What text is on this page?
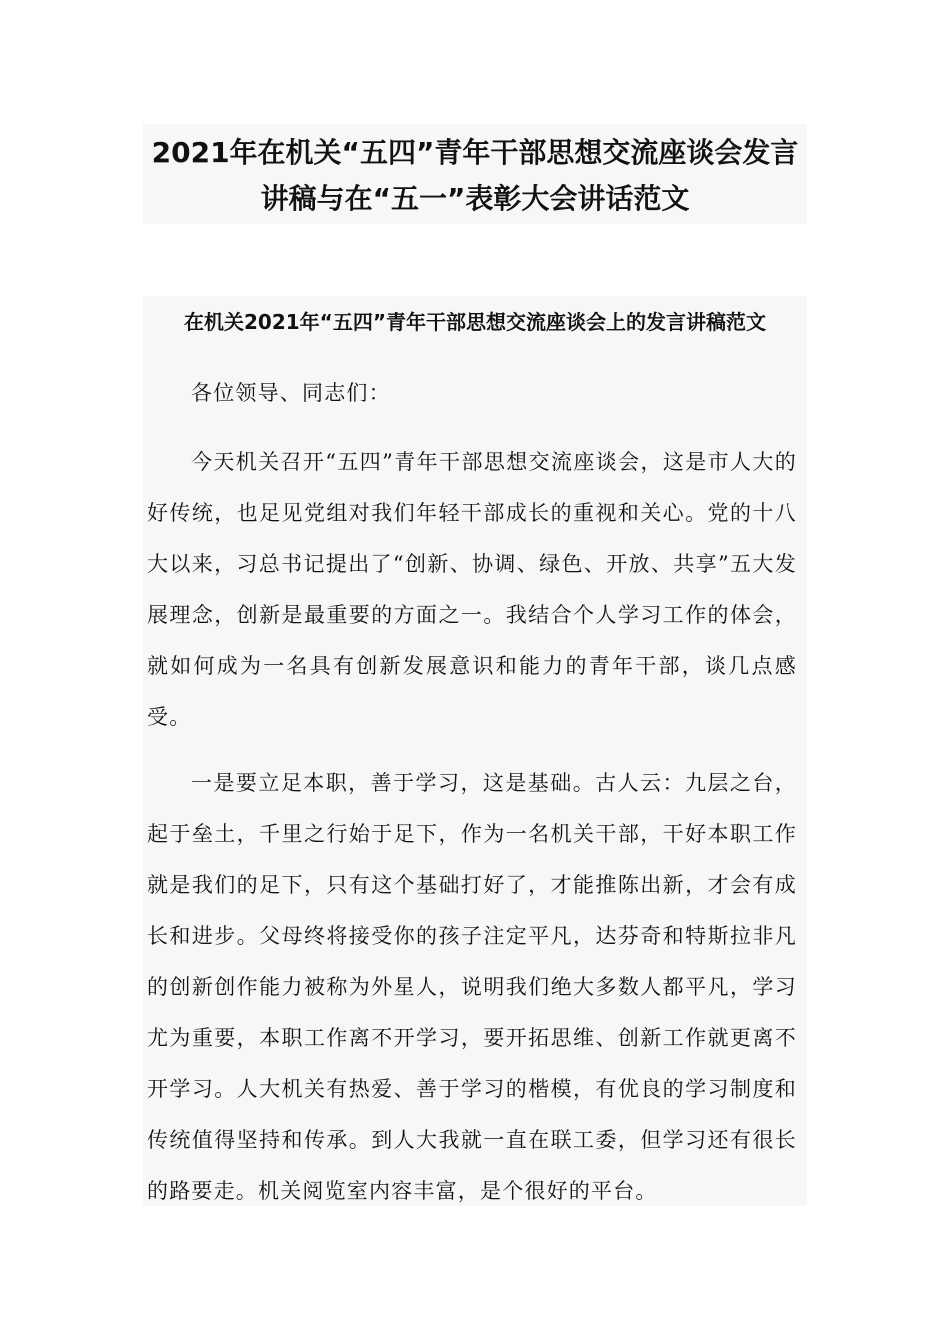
2021年在机关“五四”青年干部思想交流座谈会发言讲稿与在“五一”表彰大会讲话范文
在机关2021年“五四”青年干部思想交流座谈会上的发言讲稿范文

各位领导、同志们：

今天机关召开“五四”青年干部思想交流座谈会，这是市人大的好传统，也足见党组对我们年轻干部成长的重视和关心。党的十八大以来，习总书记提出了“创新、协调、绿色、开放、共享”五大发展理念，创新是最重要的方面之一。我结合个人学习工作的体会，就如何成为一名具有创新发展意识和能力的青年干部，谈几点感受。

一是要立足本职，善于学习，这是基础。古人云：九层之台，起于垒土，千里之行始于足下，作为一名机关干部，干好本职工作就是我们的足下，只有这个基础打好了，才能推陈出新，才会有成长和进步。父母终将接受你的孩子注定平凡，达芬奇和特斯拉非凡的创新创作能力被称为外星人，说明我们绝大多数人都平凡，学习尤为重要，本职工作离不开学习，要开拓思维、创新工作就更离不开学习。人大机关有热爱、善于学习的楷模，有优良的学习制度和传统值得坚持和传承。到人大我就一直在联工委，但学习还有很长的路要走。机关阅览室内容丰富，是个很好的平台。
